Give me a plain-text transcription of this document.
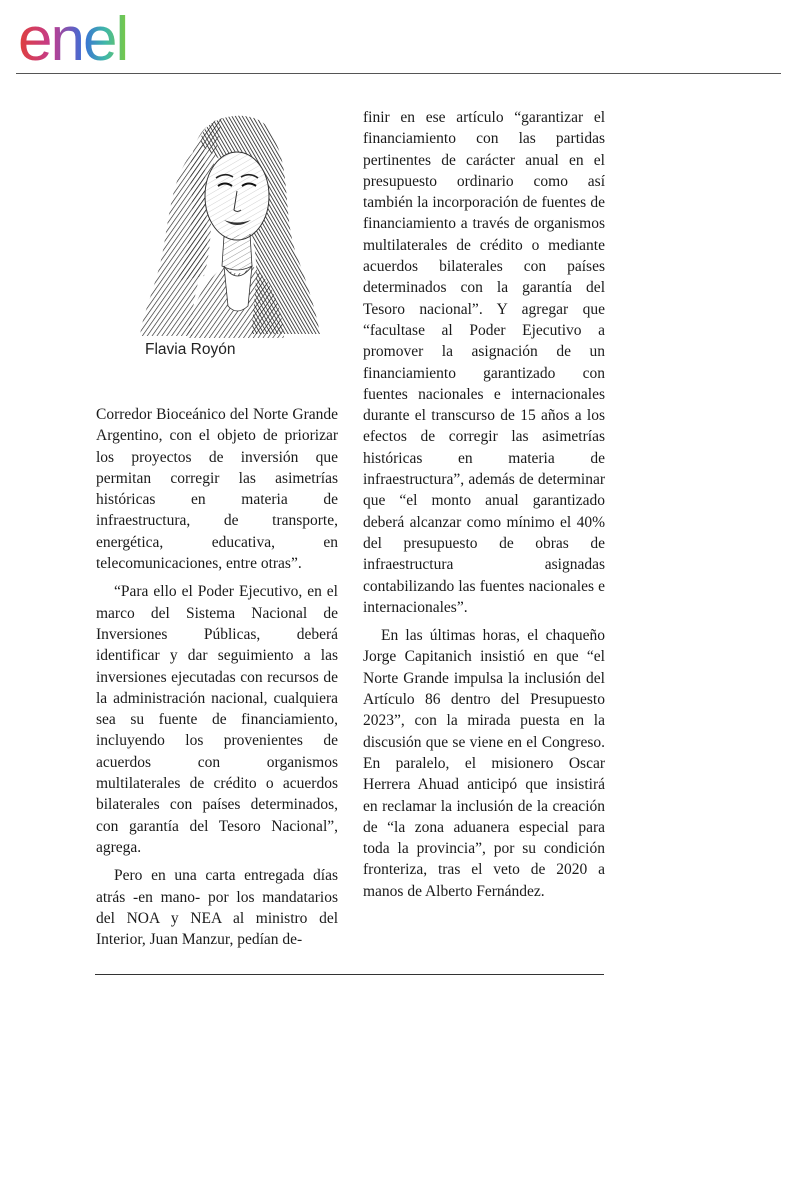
enel
Flavia Royón

Corredor Bioceánico del Norte Grande Argentino, con el objeto de priorizar los proyectos de inversión que permitan corregir las asimetrías históricas en materia de infraestructura, de transporte, energética, educativa, en telecomunicaciones, entre otras”.

“Para ello el Poder Ejecutivo, en el marco del Sistema Nacional de Inversiones Públicas, deberá identificar y dar seguimiento a las inversiones ejecutadas con recursos de la administración nacional, cualquiera sea su fuente de financiamiento, incluyendo los provenientes de acuerdos con organismos multilaterales de crédito o acuerdos bilaterales con países determinados, con garantía del Tesoro Nacional”, agrega.

Pero en una carta entregada días atrás -en mano- por los mandatarios del NOA y NEA al ministro del Interior, Juan Manzur, pedían de-

finir en ese artículo “garantizar el financiamiento con las partidas pertinentes de carácter anual en el presupuesto ordinario como así también la incorporación de fuentes de financiamiento a través de organismos multilaterales de crédito o mediante acuerdos bilaterales con países determinados con la garantía del Tesoro nacional”. Y agregar que “facultase al Poder Ejecutivo a promover la asignación de un financiamiento garantizado con fuentes nacionales e internacionales durante el transcurso de 15 años a los efectos de corregir las asimetrías históricas en materia de infraestructura”, además de determinar que “el monto anual garantizado deberá alcanzar como mínimo el 40% del presupuesto de obras de infraestructura asignadas contabilizando las fuentes nacionales e internacionales”.

En las últimas horas, el chaqueño Jorge Capitanich insistió en que “el Norte Grande impulsa la inclusión del Artículo 86 dentro del Presupuesto 2023”, con la mirada puesta en la discusión que se viene en el Congreso. En paralelo, el misionero Oscar Herrera Ahuad anticipó que insistirá en reclamar la inclusión de la creación de “la zona aduanera especial para toda la provincia”, por su condición fronteriza, tras el veto de 2020 a manos de Alberto Fernández.
